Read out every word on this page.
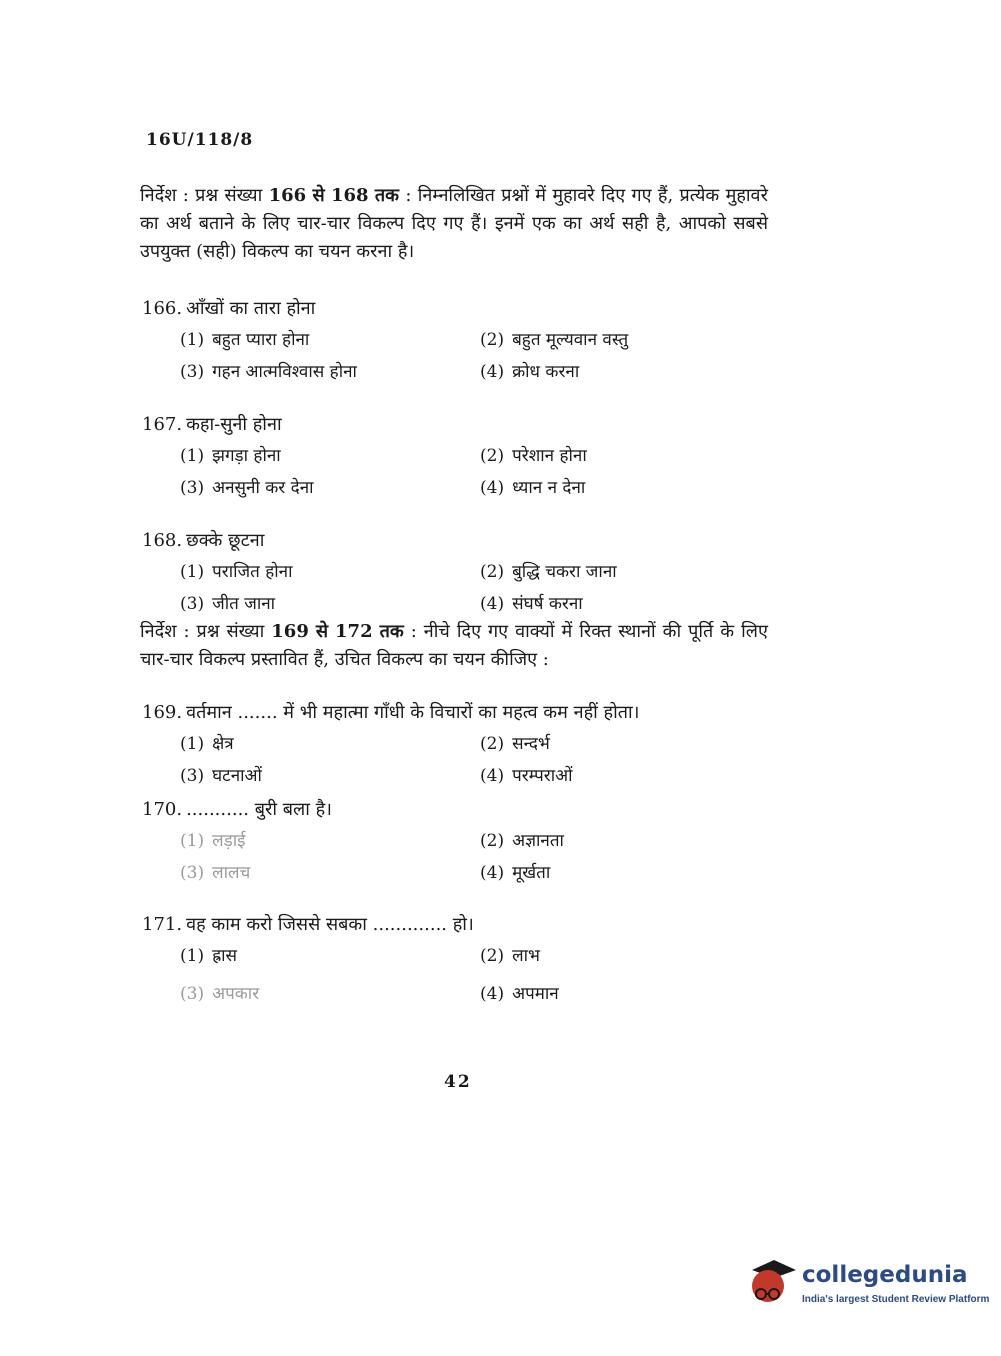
16U/118/8

निर्देश : प्रश्न संख्या 166 से 168 तक : निम्नलिखित प्रश्नों में मुहावरे दिए गए हैं, प्रत्येक मुहावरे का अर्थ बताने के लिए चार-चार विकल्प दिए गए हैं। इनमें एक का अर्थ सही है, आपको सबसे उपयुक्त (सही) विकल्प का चयन करना है।

166. आँखों का तारा होना
(1) बहुत प्यारा होना	(2) बहुत मूल्यवान वस्तु
(3) गहन आत्मविश्वास होना	(4) क्रोध करना
167. कहा-सुनी होना
(1) झगड़ा होना	(2) परेशान होना
(3) अनसुनी कर देना	(4) ध्यान न देना
168. छक्के छूटना
(1) पराजित होना	(2) बुद्धि चकरा जाना
(3) जीत जाना	(4) संघर्ष करना

निर्देश : प्रश्न संख्या 169 से 172 तक : नीचे दिए गए वाक्यों में रिक्त स्थानों की पूर्ति के लिए चार-चार विकल्प प्रस्तावित हैं, उचित विकल्प का चयन कीजिए :

169. वर्तमान ....... में भी महात्मा गाँधी के विचारों का महत्व कम नहीं होता।
(1) क्षेत्र	(2) सन्दर्भ
(3) घटनाओं	(4) परम्पराओं
170. ........... बुरी बला है।
(1) लड़ाई	(2) अज्ञानता
(3) लालच	(4) मूर्खता
171. वह काम करो जिससे सबका ............. हो।
(1) ह्रास	(2) लाभ
(3) अपकार	(4) अपमान
42
collegedunia
India's largest Student Review Platform
